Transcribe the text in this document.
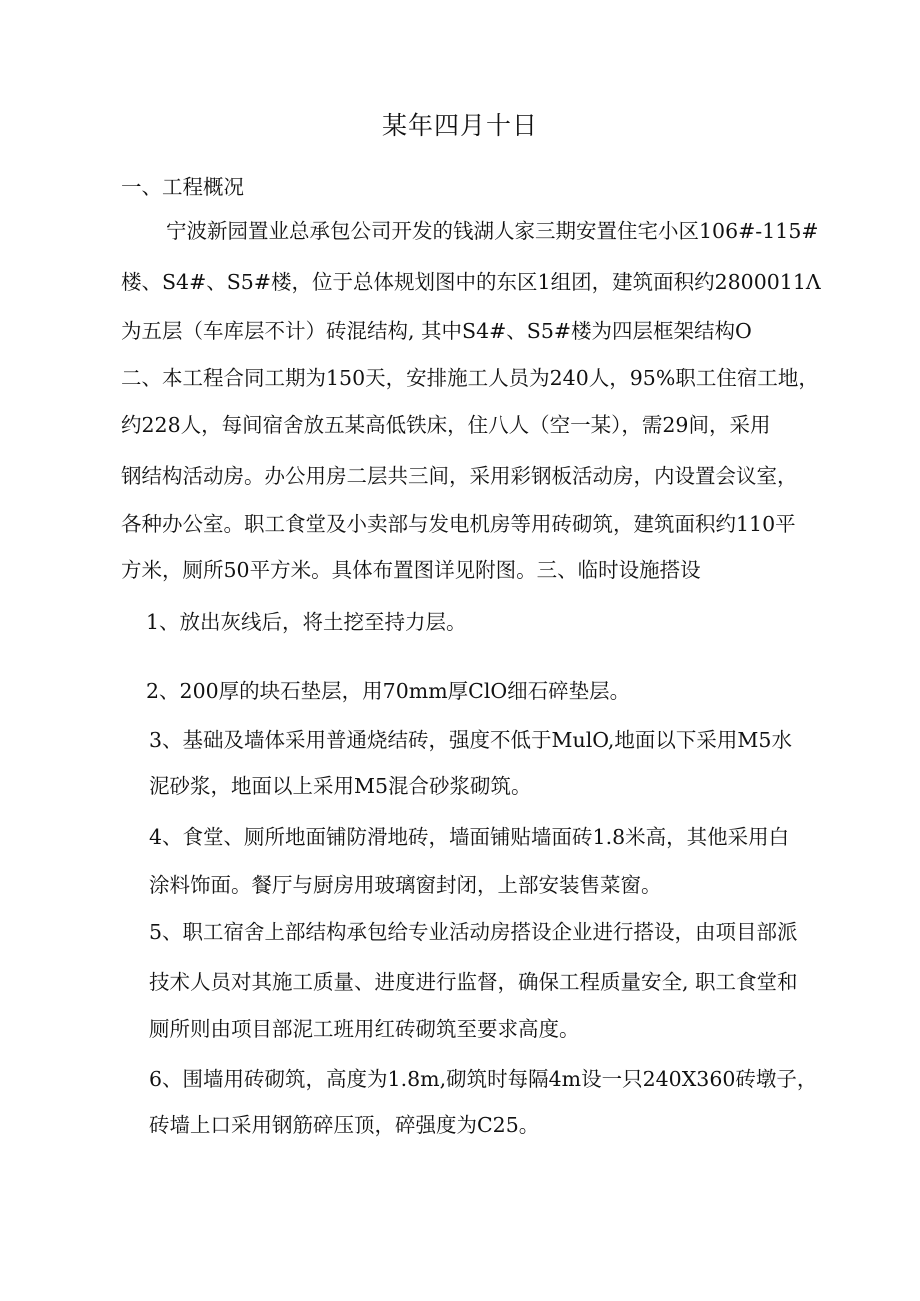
某年四月十日
一、工程概况
宁波新园置业总承包公司开发的钱湖人家三期安置住宅小区106#-115#
楼、S4#、S5#楼，位于总体规划图中的东区1组团，建筑面积约2800011Λ
为五层（车库层不计）砖混结构, 其中S4#、S5#楼为四层框架结构O
二、本工程合同工期为150天，安排施工人员为240人，95%职工住宿工地，
约228人，每间宿舍放五某高低铁床，住八人（空一某），需29间，采用
钢结构活动房。办公用房二层共三间，采用彩钢板活动房，内设置会议室，
各种办公室。职工食堂及小卖部与发电机房等用砖砌筑，建筑面积约110平
方米，厕所50平方米。具体布置图详见附图。三、临时设施搭设
1、放出灰线后，将土挖至持力层。
2、200厚的块石垫层，用70mm厚ClO细石碎垫层。
3、基础及墙体采用普通烧结砖，强度不低于MulO,地面以下采用M5水
泥砂浆，地面以上采用M5混合砂浆砌筑。
4、食堂、厕所地面铺防滑地砖，墙面铺贴墙面砖1.8米高，其他采用白
涂料饰面。餐厅与厨房用玻璃窗封闭，上部安装售菜窗。
5、职工宿舍上部结构承包给专业活动房搭设企业进行搭设，由项目部派
技术人员对其施工质量、进度进行监督，确保工程质量安全, 职工食堂和
厕所则由项目部泥工班用红砖砌筑至要求高度。
6、围墙用砖砌筑，高度为1.8m,砌筑时每隔4m设一只240X360砖墩子，
砖墙上口采用钢筋碎压顶，碎强度为C25。
